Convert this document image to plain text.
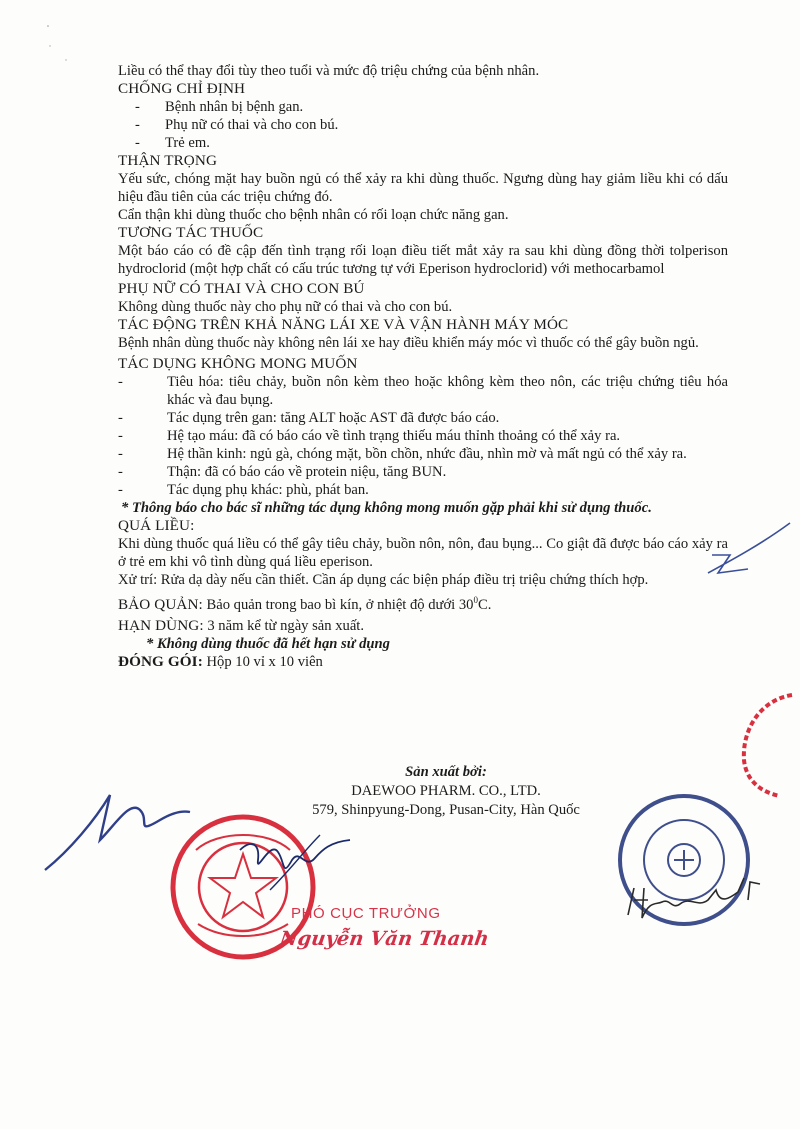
Liều có thể thay đổi tùy theo tuổi và mức độ triệu chứng của bệnh nhân.

CHỐNG CHỈ ĐỊNH

- Bệnh nhân bị bệnh gan.
- Phụ nữ có thai và cho con bú.
- Trẻ em.

THẬN TRỌNG

Yếu sức, chóng mặt hay buồn ngủ có thể xảy ra khi dùng thuốc. Ngưng dùng hay giảm liều khi có dấu hiệu đầu tiên của các triệu chứng đó.

Cẩn thận khi dùng thuốc cho bệnh nhân có rối loạn chức năng gan.

TƯƠNG TÁC THUỐC

Một báo cáo có đề cập đến tình trạng rối loạn điều tiết mắt xảy ra sau khi dùng đồng thời tolperison hydroclorid (một hợp chất có cấu trúc tương tự với Eperison hydroclorid) với methocarbamol

PHỤ NỮ CÓ THAI VÀ CHO CON BÚ

Không dùng thuốc này cho phụ nữ có thai và cho con bú.

TÁC ĐỘNG TRÊN KHẢ NĂNG LÁI XE VÀ VẬN HÀNH MÁY MÓC

Bệnh nhân dùng thuốc này không nên lái xe hay điều khiển máy móc vì thuốc có thể gây buồn ngủ.

TÁC DỤNG KHÔNG MONG MUỐN

- Tiêu hóa: tiêu chảy, buồn nôn kèm theo hoặc không kèm theo nôn, các triệu chứng tiêu hóa khác và đau bụng.
- Tác dụng trên gan: tăng ALT hoặc AST đã được báo cáo.
- Hệ tạo máu: đã có báo cáo về tình trạng thiếu máu thỉnh thoảng có thể xảy ra.
- Hệ thần kinh: ngủ gà, chóng mặt, bồn chồn, nhức đầu, nhìn mờ và mất ngủ có thể xảy ra.
- Thận: đã có báo cáo về protein niệu, tăng BUN.
- Tác dụng phụ khác: phù, phát ban.

* Thông báo cho bác sĩ những tác dụng không mong muốn gặp phải khi sử dụng thuốc.

QUÁ LIỀU:

Khi dùng thuốc quá liều có thể gây tiêu chảy, buồn nôn, nôn, đau bụng... Co giật đã được báo cáo xảy ra ở trẻ em khi vô tình dùng quá liều eperison.

Xử trí: Rửa dạ dày nếu cần thiết. Cần áp dụng các biện pháp điều trị triệu chứng thích hợp.

BẢO QUẢN: Bảo quản trong bao bì kín, ở nhiệt độ dưới $30^0C$.

HẠN DÙNG: 3 năm kể từ ngày sản xuất.

* Không dùng thuốc đã hết hạn sử dụng

ĐÓNG GÓI: Hộp 10 vỉ x 10 viên

Sản xuất bởi:
DAEWOO PHARM. CO., LTD.
579, Shinpyung-Dong, Pusan-City, Hàn Quốc
PHÓ CỤC TRƯỞNG
Nguyễn Văn Thanh
